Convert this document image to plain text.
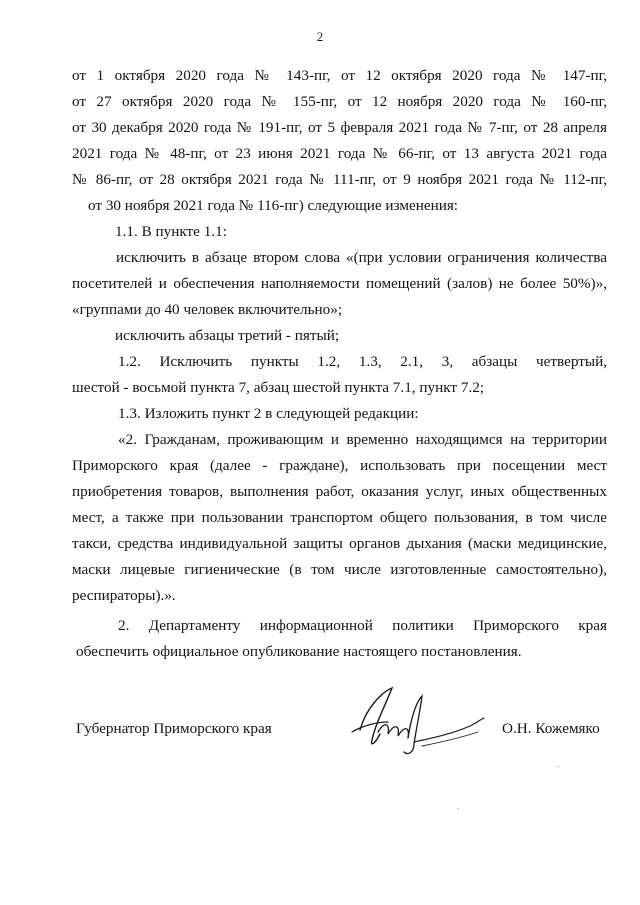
2
от 1 октября 2020 года № 143-пг, от 12 октября 2020 года № 147-пг,
от 27 октября 2020 года № 155-пг, от 12 ноября 2020 года № 160-пг,
от 30 декабря 2020 года № 191-пг, от 5 февраля 2021 года № 7-пг, от 28 апреля
2021 года № 48-пг, от 23 июня 2021 года № 66-пг, от 13 августа 2021 года
№ 86-пг, от 28 октября 2021 года № 111-пг, от 9 ноября 2021 года № 112-пг,
от 30 ноября 2021 года № 116-пг) следующие изменения:
1.1. В пункте 1.1:
исключить в абзаце втором слова «(при условии ограничения количества
посетителей и обеспечения наполняемости помещений (залов) не более 50%)»,
«группами до 40 человек включительно»;
исключить абзацы третий - пятый;
1.2. Исключить пункты 1.2, 1.3, 2.1, 3, абзацы четвертый,
шестой - восьмой пункта 7, абзац шестой пункта 7.1, пункт 7.2;
1.3. Изложить пункт 2 в следующей редакции:
«2. Гражданам, проживающим и временно находящимся на территории
Приморского края (далее - граждане), использовать при посещении мест
приобретения товаров, выполнения работ, оказания услуг, иных общественных
мест, а также при пользовании транспортом общего пользования, в том числе
такси, средства индивидуальной защиты органов дыхания (маски медицинские,
маски лицевые гигиенические (в том числе изготовленные самостоятельно),
респираторы).».
2. Департаменту информационной политики Приморского края
обеспечить официальное опубликование настоящего постановления.
Губернатор Приморского края	О.Н. Кожемяко
